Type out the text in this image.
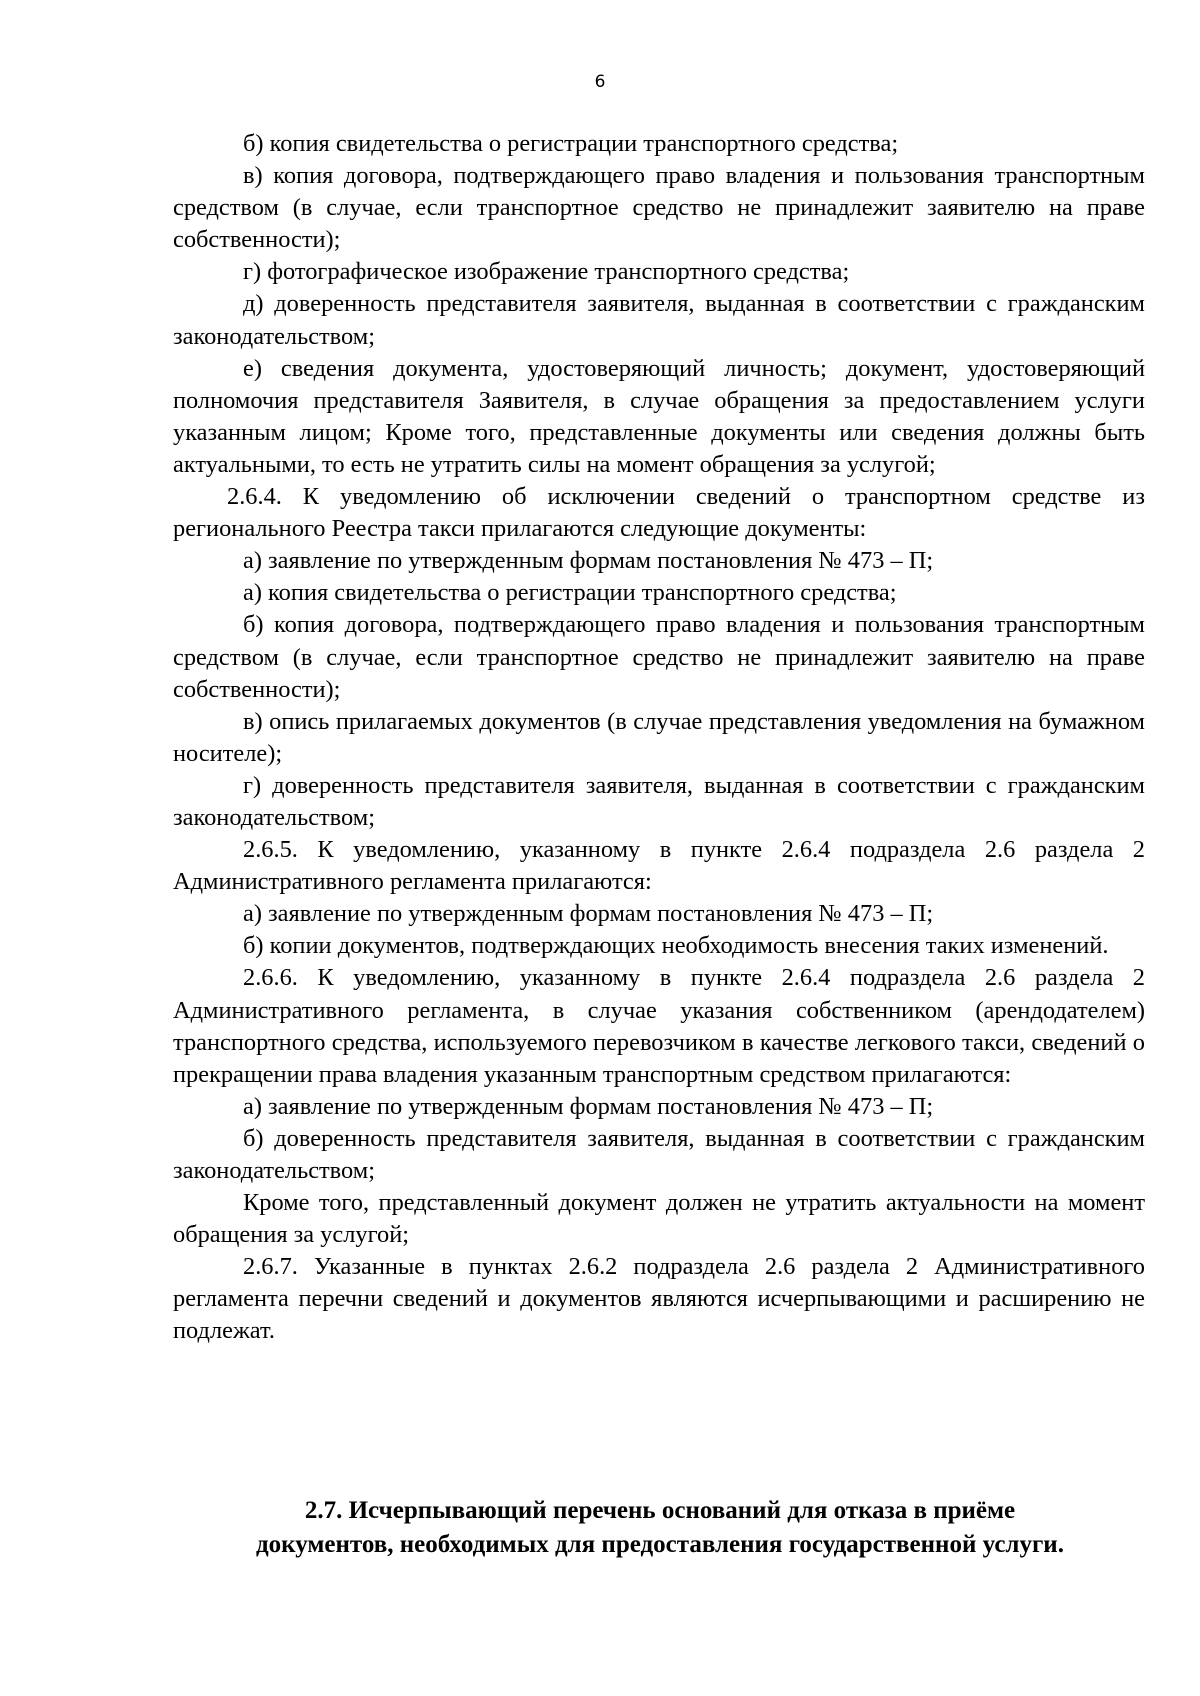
6

б) копия свидетельства о регистрации транспортного средства;

в) копия договора, подтверждающего право владения и пользования транспортным средством (в случае, если транспортное средство не принадлежит заявителю на праве собственности);

г) фотографическое изображение транспортного средства;

д) доверенность представителя заявителя, выданная в соответствии с гражданским законодательством;

е) сведения документа, удостоверяющий личность; документ, удостоверяющий полномочия представителя Заявителя, в случае обращения за предоставлением услуги указанным лицом; Кроме того, представленные документы или сведения должны быть актуальными, то есть не утратить силы на момент обращения за услугой;

2.6.4. К уведомлению об исключении сведений о транспортном средстве из регионального Реестра такси прилагаются следующие документы:

а) заявление по утвержденным формам постановления № 473 – П;

а) копия свидетельства о регистрации транспортного средства;

б) копия договора, подтверждающего право владения и пользования транспортным средством (в случае, если транспортное средство не принадлежит заявителю на праве собственности);

в) опись прилагаемых документов (в случае представления уведомления на бумажном носителе);

г) доверенность представителя заявителя, выданная в соответствии с гражданским законодательством;

2.6.5. К уведомлению, указанному в пункте 2.6.4 подраздела 2.6 раздела 2 Административного регламента прилагаются:

а) заявление по утвержденным формам постановления № 473 – П;

б) копии документов, подтверждающих необходимость внесения таких изменений.

2.6.6. К уведомлению, указанному в пункте 2.6.4 подраздела 2.6 раздела 2 Административного регламента, в случае указания собственником (арендодателем) транспортного средства, используемого перевозчиком в качестве легкового такси, сведений о прекращении права владения указанным транспортным средством прилагаются:

а) заявление по утвержденным формам постановления № 473 – П;

б) доверенность представителя заявителя, выданная в соответствии с гражданским законодательством;

Кроме того, представленный документ должен не утратить актуальности на момент обращения за услугой;

2.6.7. Указанные в пунктах 2.6.2 подраздела 2.6 раздела 2 Административного регламента перечни сведений и документов являются исчерпывающими и расширению не подлежат.

2.7. Исчерпывающий перечень оснований для отказа в приёме
документов, необходимых для предоставления государственной услуги.
